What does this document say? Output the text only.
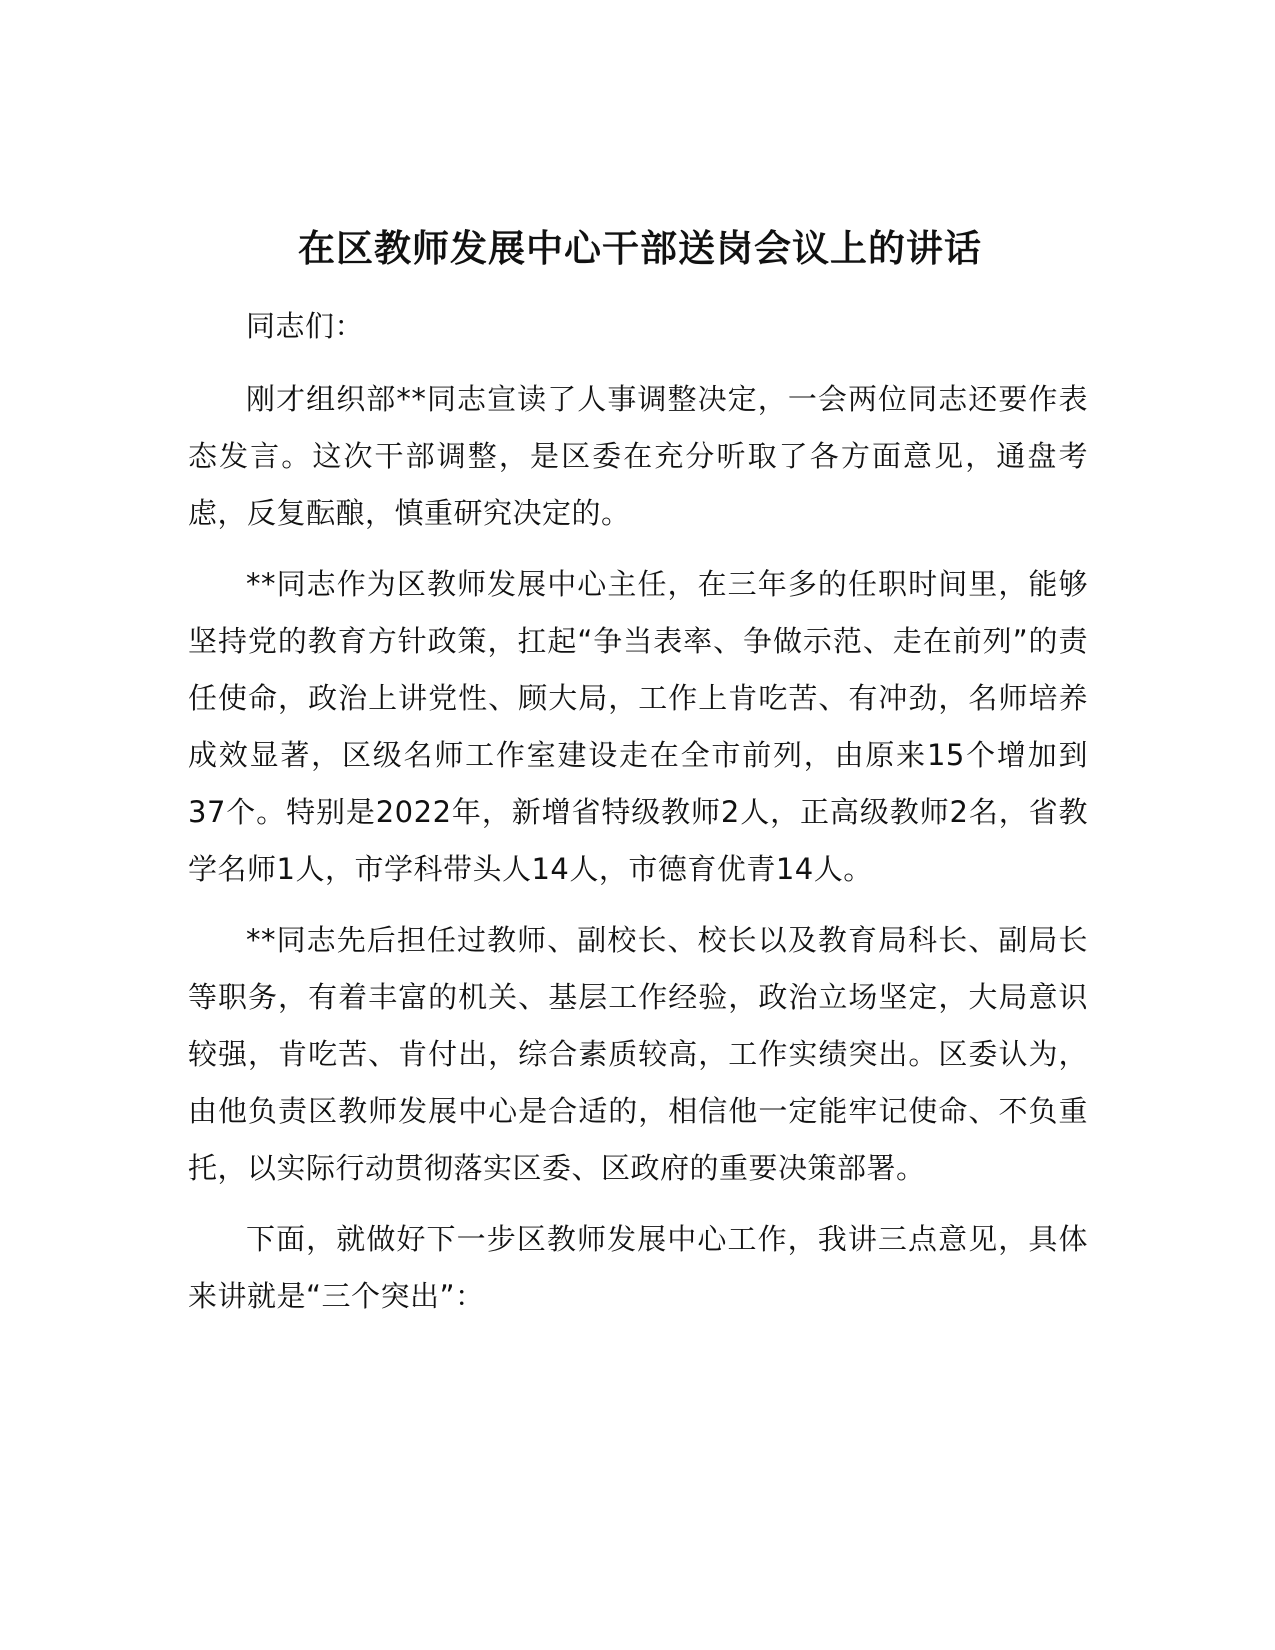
在区教师发展中心干部送岗会议上的讲话

同志们：

刚才组织部**同志宣读了人事调整决定，一会两位同志还要作表态发言。这次干部调整，是区委在充分听取了各方面意见，通盘考虑，反复酝酿，慎重研究决定的。

**同志作为区教师发展中心主任，在三年多的任职时间里，能够坚持党的教育方针政策，扛起“争当表率、争做示范、走在前列”的责任使命，政治上讲党性、顾大局，工作上肯吃苦、有冲劲，名师培养成效显著，区级名师工作室建设走在全市前列，由原来15个增加到37个。特别是2022年，新增省特级教师2人，正高级教师2名，省教学名师1人，市学科带头人14人，市德育优青14人。

**同志先后担任过教师、副校长、校长以及教育局科长、副局长等职务，有着丰富的机关、基层工作经验，政治立场坚定，大局意识较强，肯吃苦、肯付出，综合素质较高，工作实绩突出。区委认为，由他负责区教师发展中心是合适的，相信他一定能牢记使命、不负重托，以实际行动贯彻落实区委、区政府的重要决策部署。

下面，就做好下一步区教师发展中心工作，我讲三点意见，具体来讲就是“三个突出”：
